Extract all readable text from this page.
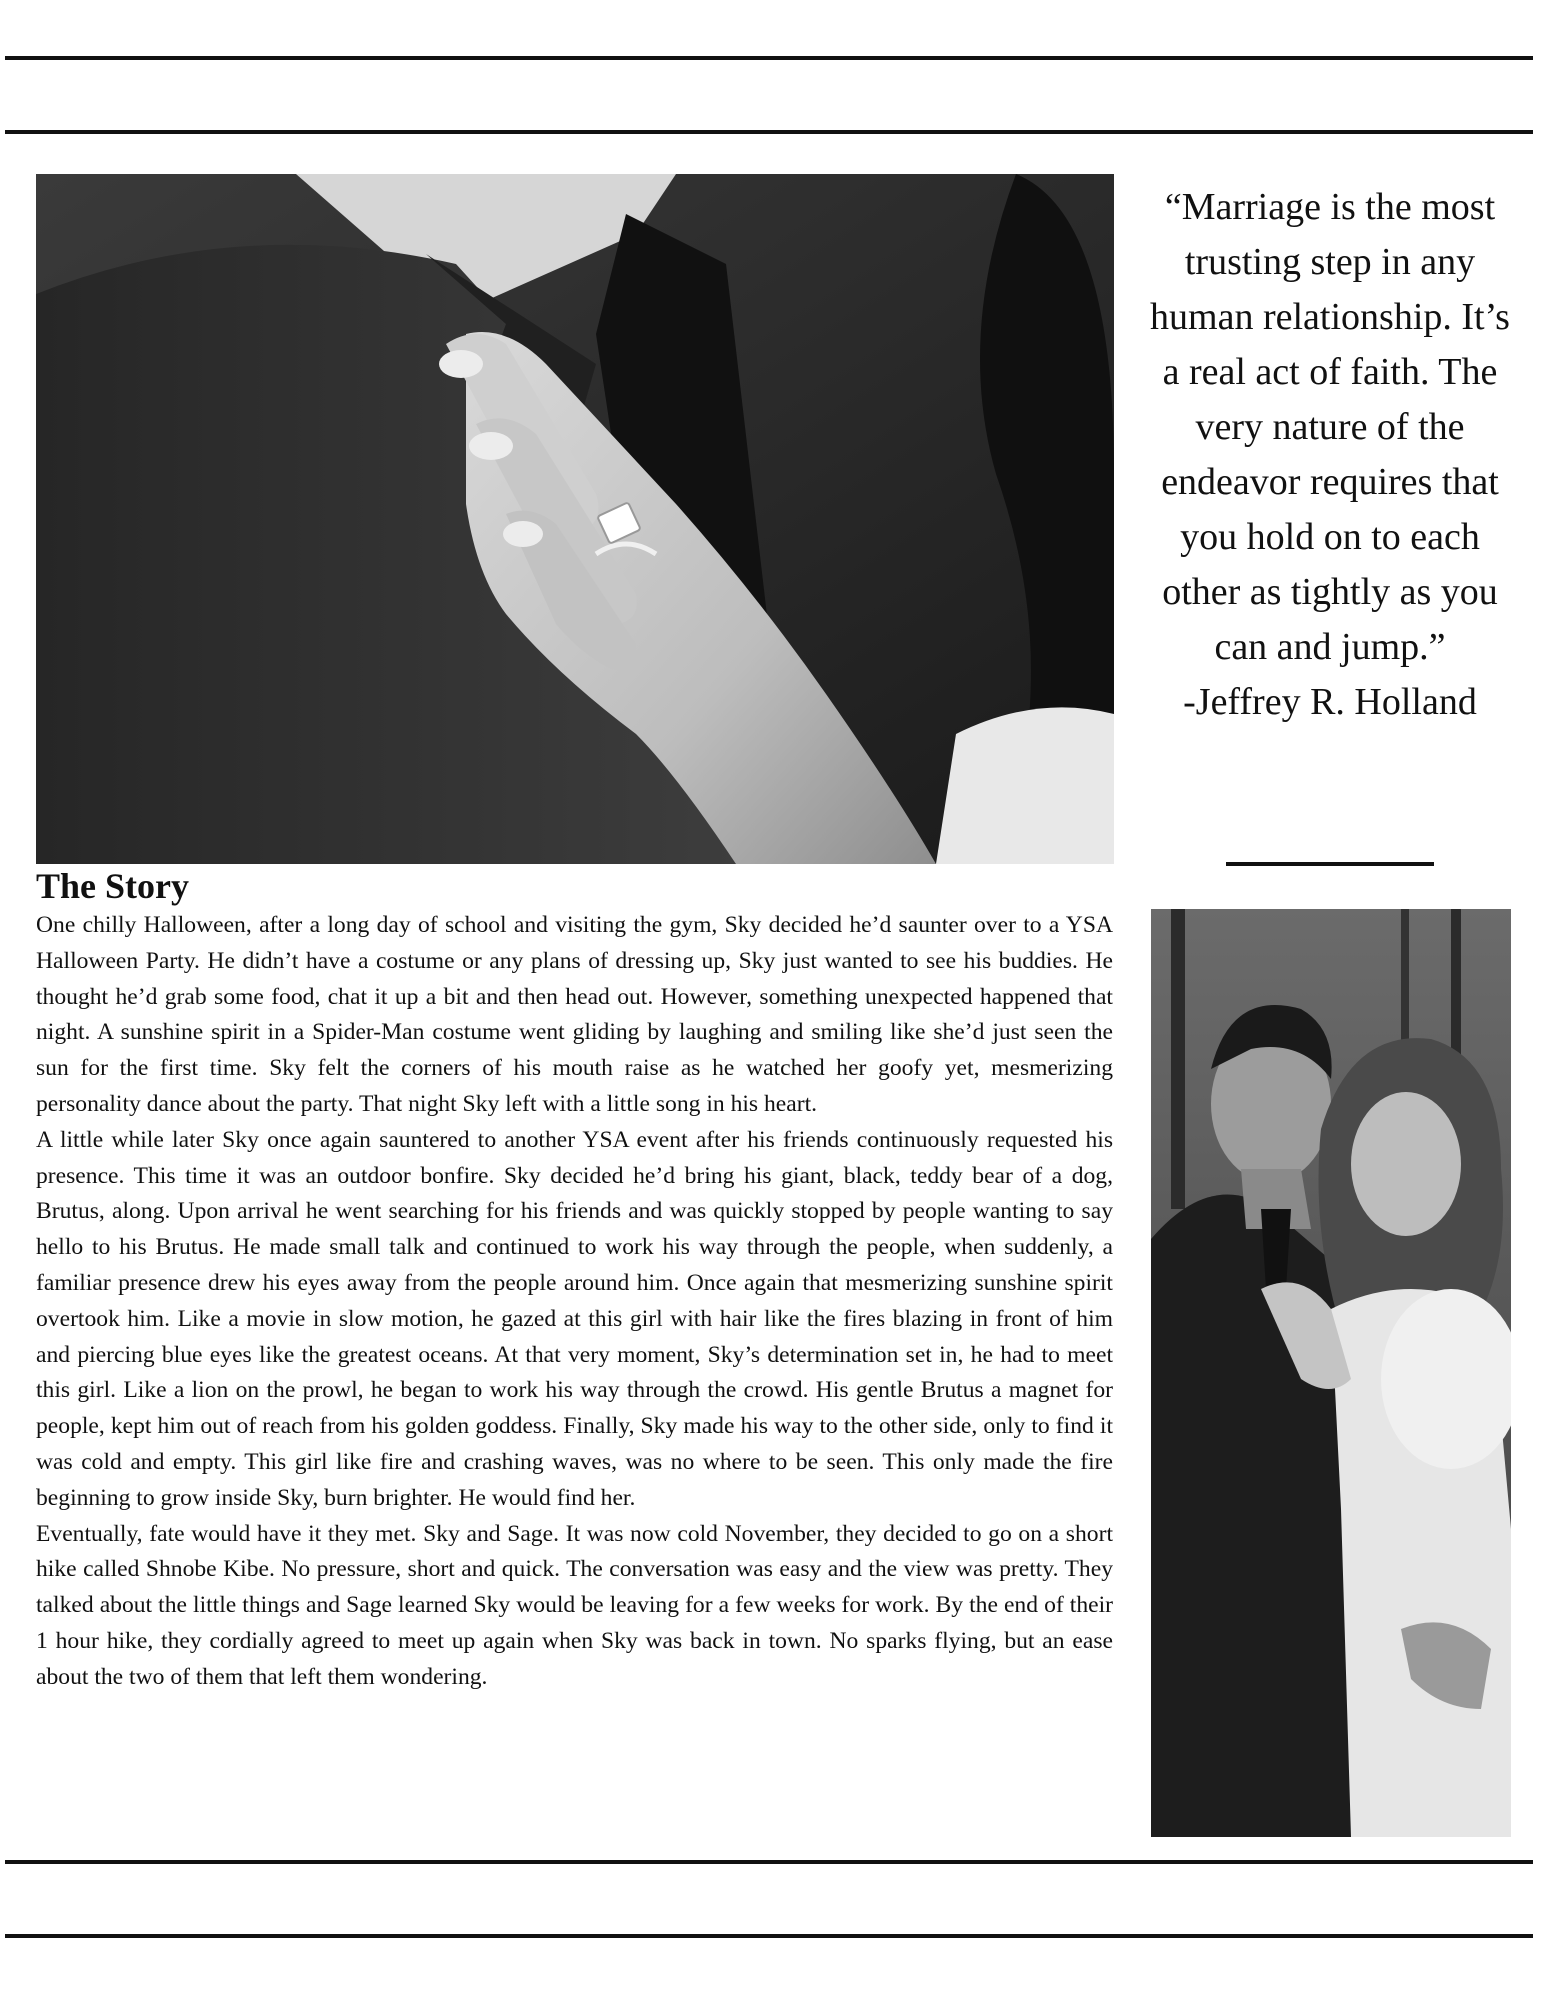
“Marriage is the most trusting step in any human relationship. It’s a real act of faith. The very nature of the endeavor requires that you hold on to each other as tightly as you can and jump.”

-Jeffrey R. Holland

The Story

One chilly Halloween, after a long day of school and visiting the gym, Sky decided he’d saunter over to a YSA Halloween Party. He didn’t have a costume or any plans of dressing up, Sky just wanted to see his buddies. He thought he’d grab some food, chat it up a bit and then head out. However, something unexpected happened that night. A sunshine spirit in a Spider-Man costume went gliding by laughing and smiling like she’d just seen the sun for the first time. Sky felt the corners of his mouth raise as he watched her goofy yet, mesmerizing personality dance about the party. That night Sky left with a little song in his heart.

A little while later Sky once again sauntered to another YSA event after his friends continuously requested his presence. This time it was an outdoor bonfire. Sky decided he’d bring his giant, black, teddy bear of a dog, Brutus, along. Upon arrival he went searching for his friends and was quickly stopped by people wanting to say hello to his Brutus. He made small talk and continued to work his way through the people, when suddenly, a familiar presence drew his eyes away from the people around him. Once again that mesmerizing sunshine spirit overtook him. Like a movie in slow motion, he gazed at this girl with hair like the fires blazing in front of him and piercing blue eyes like the greatest oceans. At that very moment, Sky’s determination set in, he had to meet this girl. Like a lion on the prowl, he began to work his way through the crowd. His gentle Brutus a magnet for people, kept him out of reach from his golden goddess. Finally, Sky made his way to the other side, only to find it was cold and empty. This girl like fire and crashing waves, was no where to be seen. This only made the fire beginning to grow inside Sky, burn brighter. He would find her.

Eventually, fate would have it they met. Sky and Sage. It was now cold November, they decided to go on a short hike called Shnobe Kibe. No pressure, short and quick. The conversation was easy and the view was pretty. They talked about the little things and Sage learned Sky would be leaving for a few weeks for work. By the end of their 1 hour hike, they cordially agreed to meet up again when Sky was back in town. No sparks flying, but an ease about the two of them that left them wondering.
